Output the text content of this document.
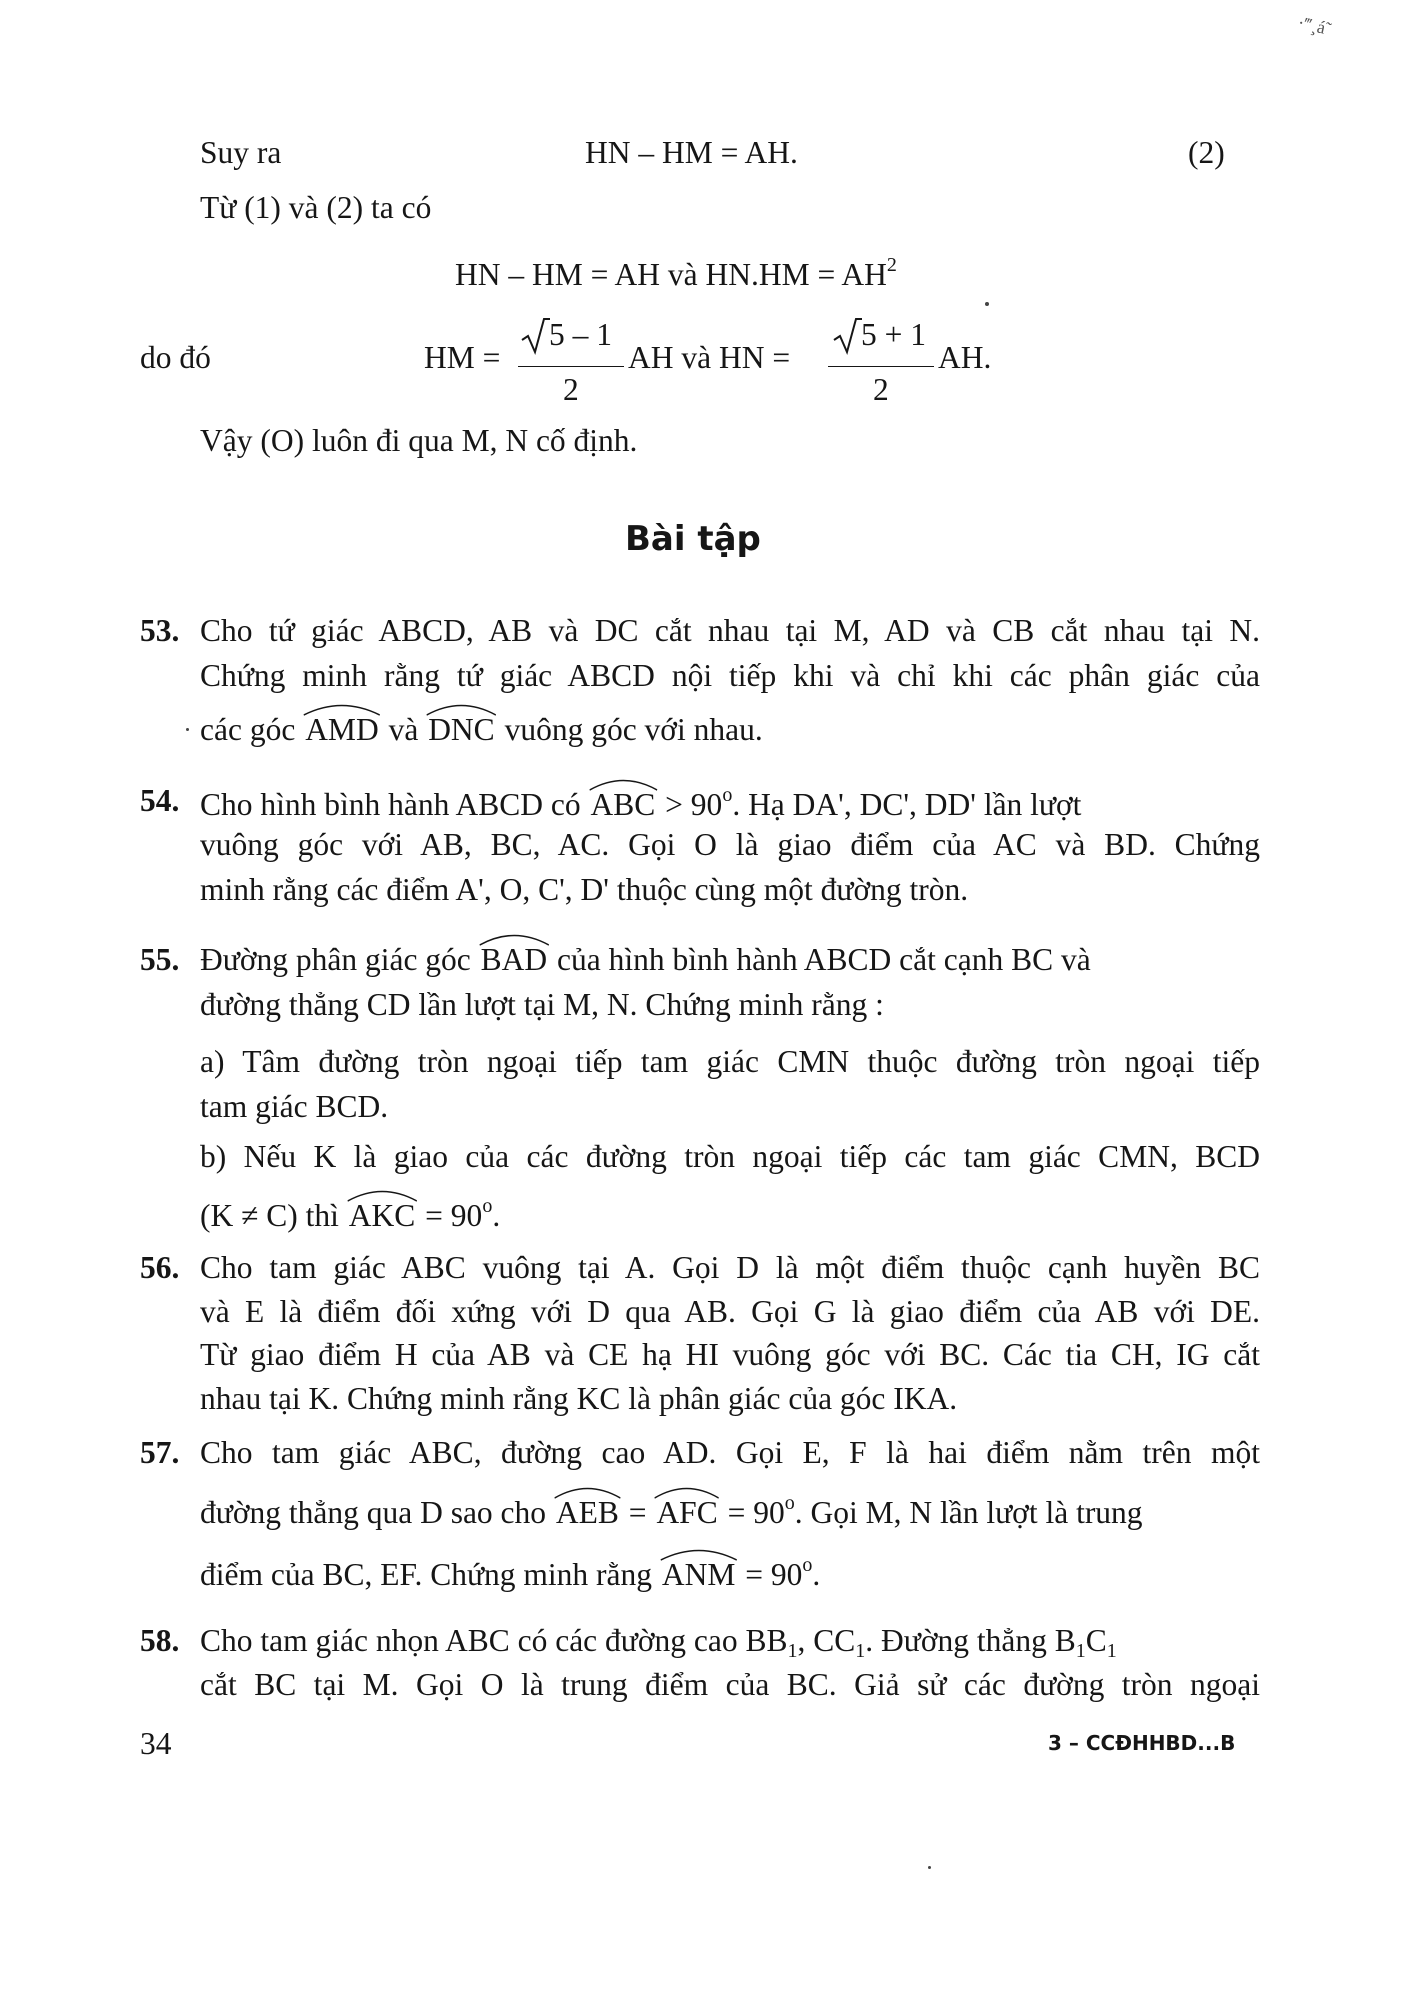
·‴¸á̃
Suy ra	HN – HM = AH.	(2)
Từ (1) và (2) ta có
HN – HM = AH và $HN.HM = AH^2$
do đó	HM =
5 – 1
2
AH và HN =
5 + 1
2
AH.
Vậy (O) luôn đi qua M, N cố định.
Bài tập
53. Cho tứ giác ABCD, AB và DC cắt nhau tại M, AD và CB cắt nhau tại N.
Chứng minh rằng tứ giác ABCD nội tiếp khi và chỉ khi các phân giác của
các góc AMD và DNC vuông góc với nhau.
54. Cho hình bình hành ABCD có ABC > $90^o$. Hạ DA', DC', DD' lần lượt
vuông góc với AB, BC, AC. Gọi O là giao điểm của AC và BD. Chứng
minh rằng các điểm A', O, C', D' thuộc cùng một đường tròn.
55. Đường phân giác góc BAD của hình bình hành ABCD cắt cạnh BC và
đường thẳng CD lần lượt tại M, N. Chứng minh rằng :
a) Tâm đường tròn ngoại tiếp tam giác CMN thuộc đường tròn ngoại tiếp
tam giác BCD.
b) Nếu K là giao của các đường tròn ngoại tiếp các tam giác CMN, BCD
(K ≠ C) thì AKC = $90^o$.
56. Cho tam giác ABC vuông tại A. Gọi D là một điểm thuộc cạnh huyền BC
và E là điểm đối xứng với D qua AB. Gọi G là giao điểm của AB với DE.
Từ giao điểm H của AB và CE hạ HI vuông góc với BC. Các tia CH, IG cắt
nhau tại K. Chứng minh rằng KC là phân giác của góc IKA.
57. Cho tam giác ABC, đường cao AD. Gọi E, F là hai điểm nằm trên một
đường thẳng qua D sao cho AEB = AFC = $90^o$. Gọi M, N lần lượt là trung
điểm của BC, EF. Chứng minh rằng ANM = $90^o$.
58. Cho tam giác nhọn ABC có các đường cao $BB_1$, $CC_1$. Đường thẳng $B_1C_1$
cắt BC tại M. Gọi O là trung điểm của BC. Giả sử các đường tròn ngoại
34	3 – CCĐHHBD...B
